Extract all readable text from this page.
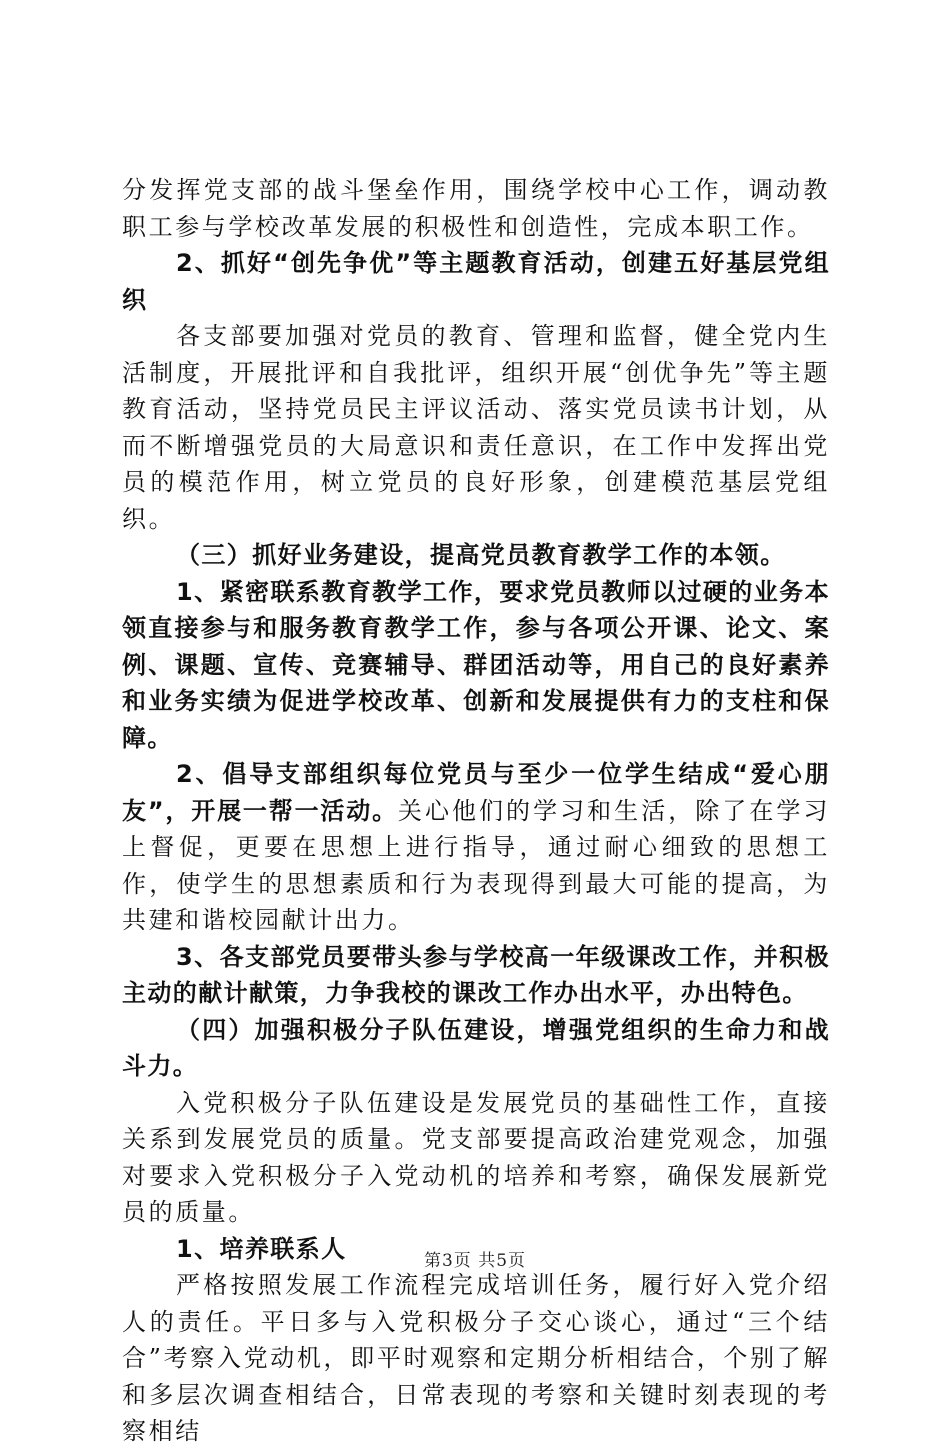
分发挥党支部的战斗堡垒作用，围绕学校中心工作，调动教职工参与学校改革发展的积极性和创造性，完成本职工作。

2、抓好“创先争优”等主题教育活动，创建五好基层党组织

各支部要加强对党员的教育、管理和监督，健全党内生活制度，开展批评和自我批评，组织开展“创优争先”等主题教育活动，坚持党员民主评议活动、落实党员读书计划，从而不断增强党员的大局意识和责任意识，在工作中发挥出党员的模范作用，树立党员的良好形象，创建模范基层党组织。

（三）抓好业务建设，提高党员教育教学工作的本领。

1、紧密联系教育教学工作，要求党员教师以过硬的业务本领直接参与和服务教育教学工作，参与各项公开课、论文、案例、课题、宣传、竞赛辅导、群团活动等，用自己的良好素养和业务实绩为促进学校改革、创新和发展提供有力的支柱和保障。

2、倡导支部组织每位党员与至少一位学生结成“爱心朋友”，开展一帮一活动。关心他们的学习和生活，除了在学习上督促，更要在思想上进行指导，通过耐心细致的思想工作，使学生的思想素质和行为表现得到最大可能的提高，为共建和谐校园献计出力。

3、各支部党员要带头参与学校高一年级课改工作，并积极主动的献计献策，力争我校的课改工作办出水平，办出特色。

（四）加强积极分子队伍建设，增强党组织的生命力和战斗力。

入党积极分子队伍建设是发展党员的基础性工作，直接关系到发展党员的质量。党支部要提高政治建党观念，加强对要求入党积极分子入党动机的培养和考察，确保发展新党员的质量。

1、培养联系人

严格按照发展工作流程完成培训任务，履行好入党介绍人的责任。平日多与入党积极分子交心谈心，通过“三个结合”考察入党动机，即平时观察和定期分析相结合，个别了解和多层次调查相结合，日常表现的考察和关键时刻表现的考察相结

第3页 共5页
